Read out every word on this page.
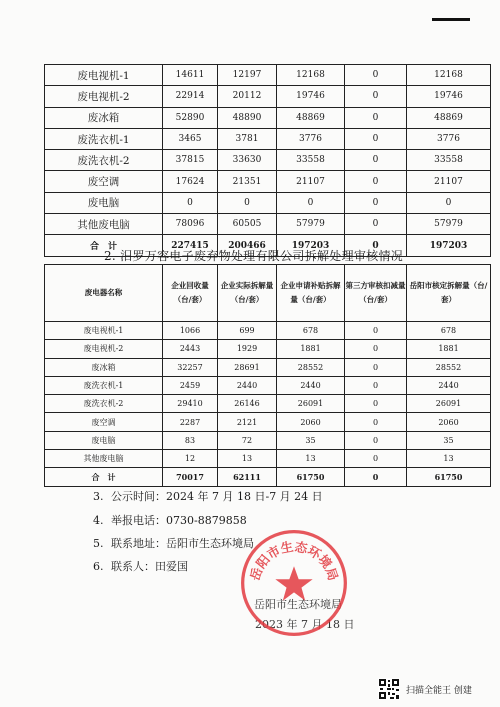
废电视机-1	14611	12197	12168	0	12168
废电视机-2	22914	20112	19746	0	19746
废冰箱	52890	48890	48869	0	48869
废洗衣机-1	3465	3781	3776	0	3776
废洗衣机-2	37815	33630	33558	0	33558
废空调	17624	21351	21107	0	21107
废电脑	0	0	0	0	0
其他废电脑	78096	60505	57979	0	57979
合　计	227415	200466	197203	0	197203
2. 汨罗万容电子废弃物处理有限公司拆解处理审核情况
废电器名称	企业回收量（台/套）	企业实际拆解量（台/套）	企业申请补贴拆解量（台/套）	第三方审核扣减量（台/套）	岳阳市核定拆解量（台/套）
废电视机-1	1066	699	678	0	678
废电视机-2	2443	1929	1881	0	1881
废冰箱	32257	28691	28552	0	28552
废洗衣机-1	2459	2440	2440	0	2440
废洗衣机-2	29410	26146	26091	0	26091
废空调	2287	2121	2060	0	2060
废电脑	83	72	35	0	35
其他废电脑	12	13	13	0	13
合　计	70017	62111	61750	0	61750
3. 公示时间：2024 年 7 月 18 日-7 月 24 日
4. 举报电话：0730-8879858
5. 联系地址：岳阳市生态环境局
6. 联系人：田爱国
岳阳市生态环境局
2023 年 7 月 18 日
岳阳市生态环境局
扫描全能王 创建
